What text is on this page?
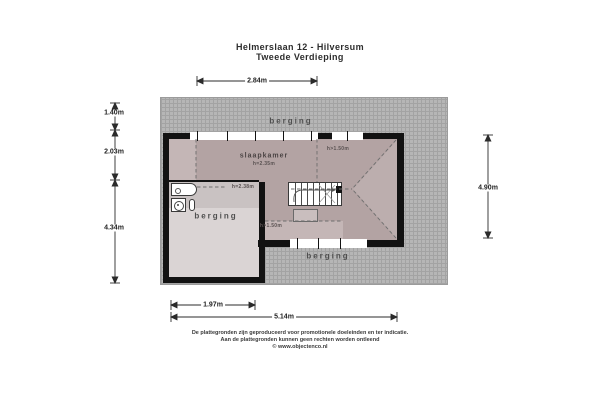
Helmerslaan 12 - Hilversum
Tweede Verdieping
berging
slaapkamer
h=2.35m
h>1.50m
h=2.38m
berging
h>1.50m
berging
2.84m
1.40m
2.03m
4.34m
4.90m
1.97m
5.14m
De plattegronden zijn geproduceerd voor promotionele doeleinden en ter indicatie.
Aan de plattegronden kunnen geen rechten worden ontleend
© www.objectenco.nl
